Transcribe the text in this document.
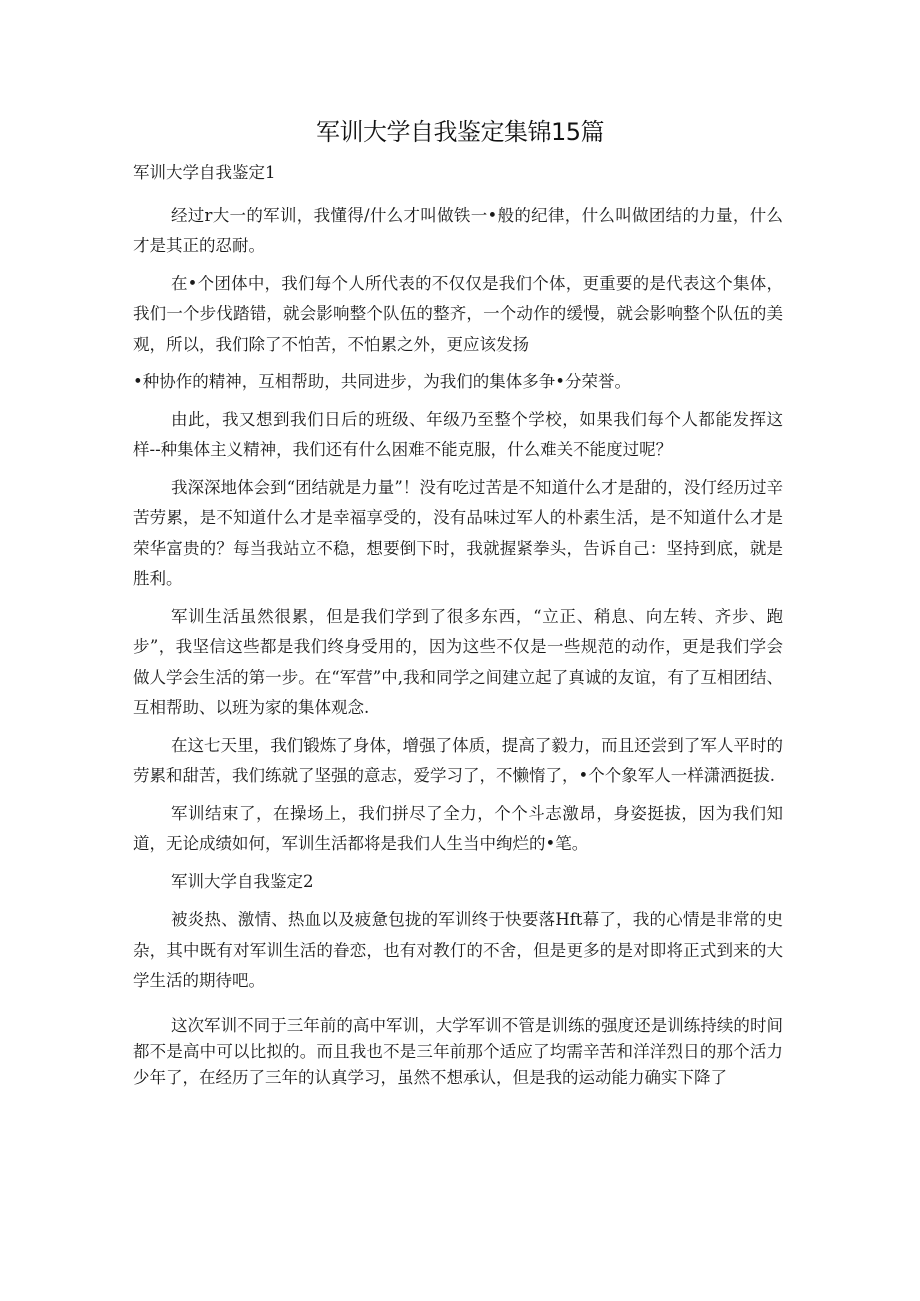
军训大学自我鉴定集锦15篇

军训大学自我鉴定1

经过r大一的军训，我懂得/什么才叫做铁一•般的纪律，什么叫做团结的力量，什么才是其正的忍耐。

在•个团体中，我们每个人所代表的不仅仅是我们个体，更重要的是代表这个集体，我们一个步伐踏错，就会影响整个队伍的整齐，一个动作的缓慢，就会影响整个队伍的美观，所以，我们除了不怕苦，不怕累之外，更应该发扬

•种协作的精神，互相帮助，共同进步，为我们的集体多争•分荣誉。

由此，我又想到我们日后的班级、年级乃至整个学校，如果我们每个人都能发挥这样--种集体主义精神，我们还有什么困难不能克服，什么难关不能度过呢？

我深深地体会到“团结就是力量”！没有吃过苦是不知道什么才是甜的，没仃经历过辛苦劳累，是不知道什么才是幸福享受的，没有品味过军人的朴素生活，是不知道什么才是荣华富贵的？每当我站立不稳，想要倒下时，我就握紧拳头，告诉自己：坚持到底，就是胜利。

军训生活虽然很累，但是我们学到了很多东西，“立正、稍息、向左转、齐步、跑步”，我坚信这些都是我们终身受用的，因为这些不仅是一些规范的动作，更是我们学会做人学会生活的第一步。在“军营”中,我和同学之间建立起了真诚的友谊，有了互相团结、互相帮助、以班为家的集体观念.

在这七天里，我们锻炼了身体，增强了体质，提高了毅力，而且还尝到了军人平时的劳累和甜苦，我们练就了坚强的意志，爱学习了，不懒惰了，•个个象军人一样潇洒挺拔.

军训结束了，在操场上，我们拼尽了全力，个个斗志激昂，身姿挺拔，因为我们知道，无论成绩如何，军训生活都将是我们人生当中绚烂的•笔。

军训大学自我鉴定2

被炎热、激情、热血以及疲惫包拢的军训终于快要落Hft幕了，我的心情是非常的史杂，其中既有对军训生活的眷恋，也有对教仃的不舍，但是更多的是对即将正式到来的大学生活的期待吧。

这次军训不同于三年前的高中军训，大学军训不管是训练的强度还是训练持续的时间都不是高中可以比拟的。而且我也不是三年前那个适应了均需辛苦和洋洋烈日的那个活力少年了，在经历了三年的认真学习，虽然不想承认，但是我的运动能力确实下降了
